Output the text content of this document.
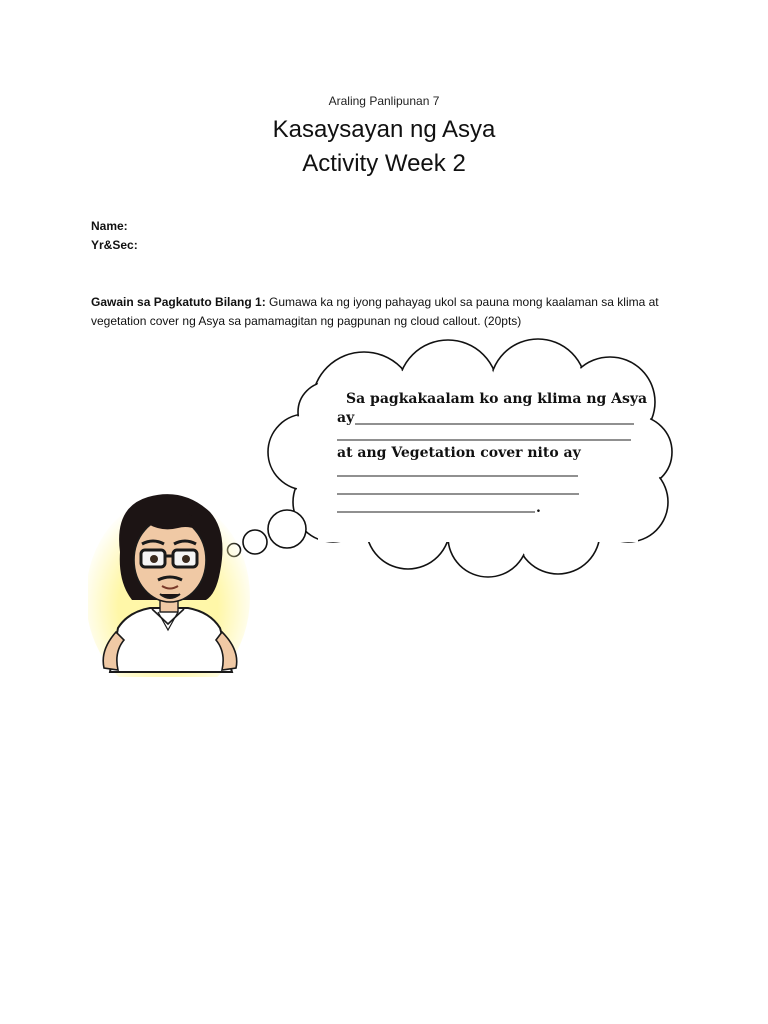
Araling Panlipunan 7
Kasaysayan ng Asya
Activity Week 2
Name:
Yr&Sec:
Gawain sa Pagkatuto Bilang 1: Gumawa ka ng iyong pahayag ukol sa pauna mong kaalaman sa klima at vegetation cover ng Asya sa pamamagitan ng pagpunan ng cloud callout. (20pts)
Sa pagkakaalam ko ang klima ng Asya
ay
at ang Vegetation cover nito ay
.
